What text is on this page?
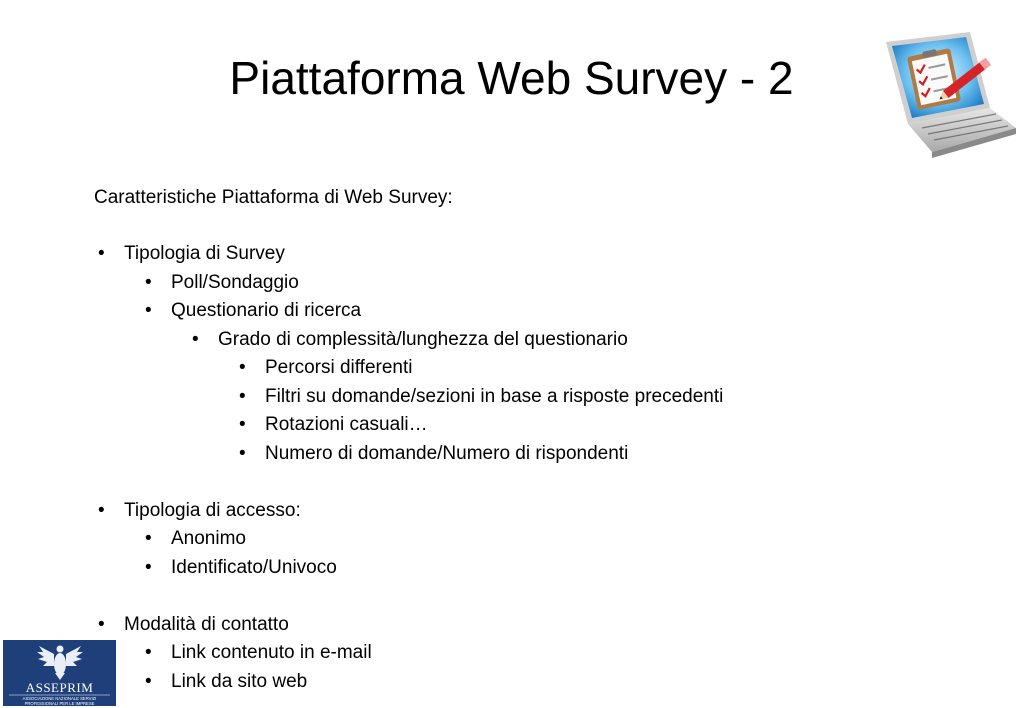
Piattaforma Web Survey - 2
Caratteristiche Piattaforma di Web Survey:
• Tipologia di Survey
• Poll/Sondaggio
• Questionario di ricerca
• Grado di complessità/lunghezza del questionario
• Percorsi differenti
• Filtri su domande/sezioni in base a risposte precedenti
• Rotazioni casuali…
• Numero di domande/Numero di rispondenti
• Tipologia di accesso:
• Anonimo
• Identificato/Univoco
• Modalità di contatto
• Link contenuto in e-mail
• Link da sito web
ASSEPRIM
ASSOCIAZIONE NAZIONALE SERVIZI
PROFESSIONALI PER LE IMPRESE
